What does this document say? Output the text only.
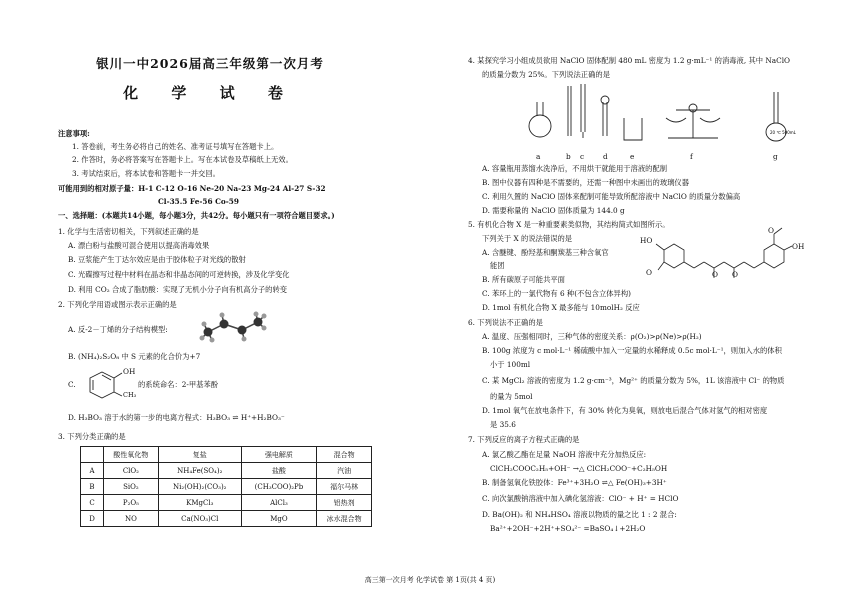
银川一中2026届高三年级第一次月考
化 学 试 卷
注意事项:
1. 答卷前，考生务必将自己的姓名、准考证号填写在答题卡上。
2. 作答时，务必将答案写在答题卡上。写在本试卷及草稿纸上无效。
3. 考试结束后，将本试卷和答题卡一并交回。
可能用到的相对原子量：H-1 C-12 O-16 Ne-20 Na-23 Mg-24 Al-27 S-32
Cl-35.5 Fe-56 Co-59
一、选择题：(本题共14小题，每小题3分，共42分。每小题只有一项符合题目要求。)
1. 化学与生活密切相关，下列叙述正确的是
A. 漂白粉与盐酸可混合使用以提高消毒效果
B. 豆浆能产生丁达尔效应是由于胶体粒子对光线的散射
C. 光碟擦写过程中材料在晶态和非晶态间的可逆转换，涉及化学变化
D. 利用 CO₂ 合成了脂肪酸：实现了无机小分子向有机高分子的转变
2. 下列化学用语或图示表示正确的是
A. 反-2－丁烯的分子结构模型:
B. (NH₄)₂S₂O₈ 中 S 元素的化合价为+7
C.
OH
CH₃
的系统命名：2-甲基苯酚
D. H₃BO₃ 溶于水的第一步的电离方程式：H₃BO₃ ⇌ H⁺+H₂BO₃⁻
3. 下列分类正确的是
	酸性氧化物	复盐	强电解质	混合物
A	ClO₂	NH₄Fe(SO₄)₂	盐酸	汽油
B	SiO₂	Ni₂(OH)₂(CO₃)₂	(CH₃COO)₂Pb	福尔马林
C	P₂O₅	KMgCl₃	AlCl₃	铝热剂
D	NO	Ca(NO₃)Cl	MgO	冰水混合物
4. 某探究学习小组成员欲用 NaClO 固体配制 480 mL 密度为 1.2 g·mL⁻¹ 的消毒液, 其中 NaClO
的质量分数为 25%。下列说法正确的是
20 ℃ 500mL
a	b c	d	e	f	g
A. 容量瓶用蒸馏水洗净后，不用烘干就能用于溶液的配制
B. 图中仪器有四种是不需要的，还需一种图中未画出的玻璃仪器
C. 利用久置的 NaClO 固体来配制可能导致所配溶液中 NaClO 的质量分数偏高
D. 需要称量的 NaClO 固体质量为 144.0 g
5. 有机化合物 X 是一种重要素类似物，其结构简式如图所示。
下列关于 X 的说法错误的是
A. 含醚键、酚羟基和酮羰基三种含氧官
能团
B. 所有碳原子可能共平面
C. 苯环上的一氯代物有 6 种(不包含立体异构)
D. 1mol 有机化合物 X 最多能与 10molH₂ 反应
HO
O	O O
O
OH
6. 下列说法不正确的是
A. 温度、压强相同时，三种气体的密度关系：ρ(O₂)>ρ(Ne)>ρ(H₂)
B. 100g 浓度为 c mol·L⁻¹ 稀硫酸中加入一定量的水稀释成 0.5c mol·L⁻¹，则加入水的体积
小于 100ml
C. 某 MgCl₂ 溶液的密度为 1.2 g·cm⁻³，Mg²⁺ 的质量分数为 5%，1L 该溶液中 Cl⁻ 的物质
的量为 5mol
D. 1mol 氧气在放电条件下，有 30% 转化为臭氧，则放电后混合气体对氢气的相对密度
是 35.6
7. 下列反应的离子方程式正确的是
A. 氯乙酸乙酯在足量 NaOH 溶液中充分加热反应:
ClCH₂COOC₂H₅+OH⁻ →△ ClCH₂COO⁻+C₂H₅OH
B. 制备氢氧化铁胶体：Fe³⁺+3H₂O ⇌△ Fe(OH)₃+3H⁺
C. 向次氯酸钠溶液中加入碘化氢溶液：ClO⁻ + H⁺ = HClO
D. Ba(OH)₂ 和 NH₄HSO₄ 溶液以物质的量之比 1 : 2 混合:
Ba²⁺+2OH⁻+2H⁺+SO₄²⁻ =BaSO₄↓+2H₂O
高三第一次月考 化学试卷 第 1页(共 4 页)
